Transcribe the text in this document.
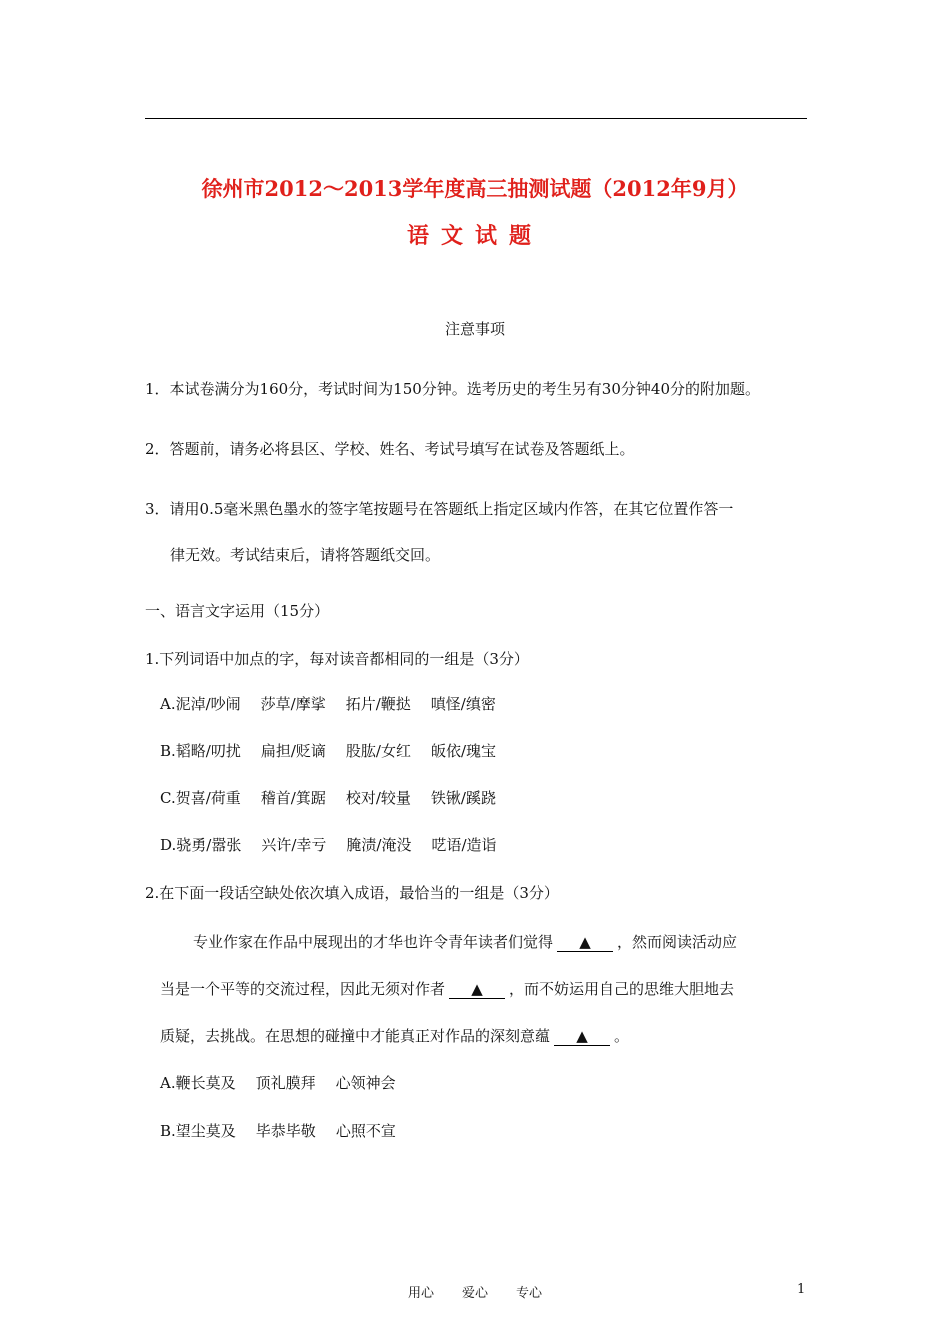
徐州市2012～2013学年度高三抽测试题（2012年9月）
语文试题
注意事项
1．本试卷满分为160分，考试时间为150分钟。选考历史的考生另有30分钟40分的附加题。
2．答题前，请务必将县区、学校、姓名、考试号填写在试卷及答题纸上。
3．请用0.5毫米黑色墨水的签字笔按题号在答题纸上指定区域内作答，在其它位置作答一
律无效。考试结束后，请将答题纸交回。
一、语言文字运用（15分）
1.下列词语中加点的字，每对读音都相同的一组是（3分）
A.泥淖/吵闹 莎草/摩挲 拓片/鞭挞 嗔怪/缜密
B.韬略/叨扰 扁担/贬谪 股肱/女红 皈依/瑰宝
C.贺喜/荷重 稽首/箕踞 校对/较量 铁锹/蹊跷
D.骁勇/嚣张 兴许/幸亏 腌渍/淹没 呓语/造诣
2.在下面一段话空缺处依次填入成语，最恰当的一组是（3分）
专业作家在作品中展现出的才华也许令青年读者们觉得 ▲ ，然而阅读活动应
当是一个平等的交流过程，因此无须对作者 ▲ ，而不妨运用自己的思维大胆地去
质疑，去挑战。在思想的碰撞中才能真正对作品的深刻意蕴 ▲ 。
A.鞭长莫及 顶礼膜拜 心领神会
B.望尘莫及 毕恭毕敬 心照不宣
用心 爱心 专心	1
